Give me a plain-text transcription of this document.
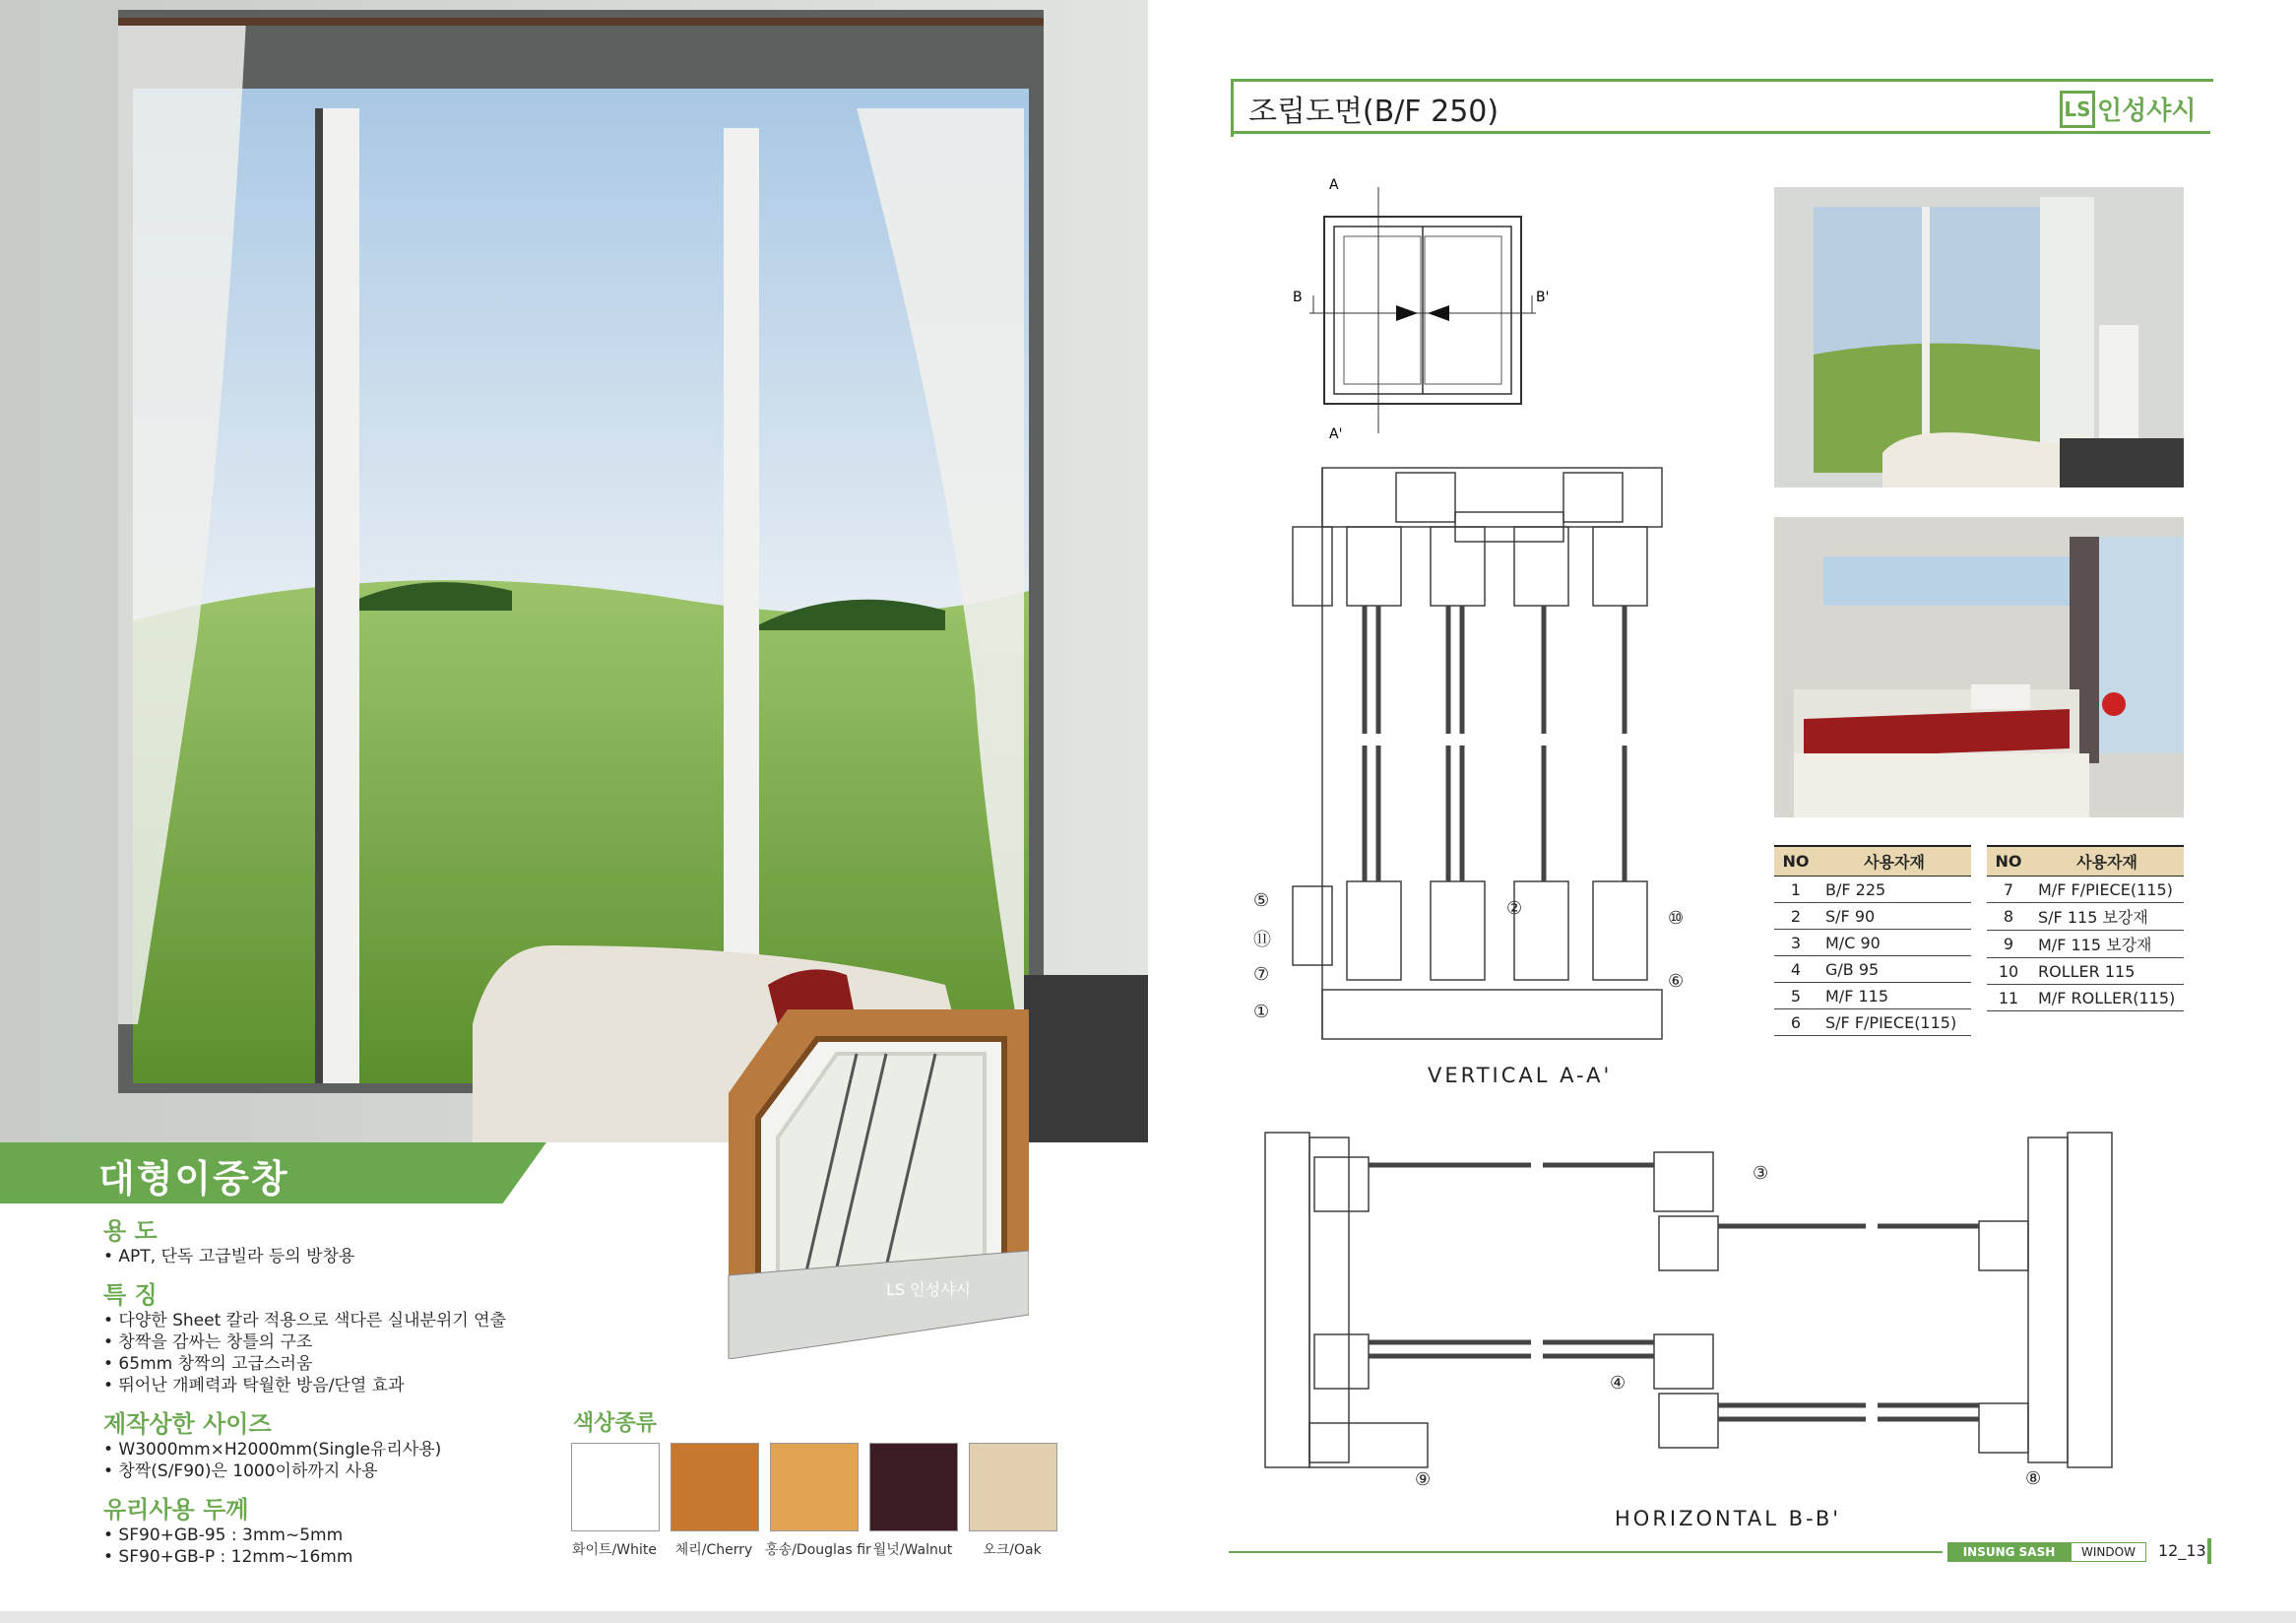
LS 인성샤시
대형이중창
용 도
• APT, 단독 고급빌라 등의 방창용
특 징
• 다양한 Sheet 칼라 적용으로 색다른 실내분위기 연출
• 창짝을 감싸는 창틀의 구조
• 65mm 창짝의 고급스러움
• 뛰어난 개폐력과 탁월한 방음/단열 효과
제작상한 사이즈
• W3000mm×H2000mm(Single유리사용)
• 창짝(S/F90)은 1000이하까지 사용
유리사용 두께
• SF90+GB-95 : 3mm~5mm
• SF90+GB-P : 12mm~16mm
색상종류
화이트/White	체리/Cherry 홍송/Douglas fir 월넛/Walnut	오크/Oak
조립도면(B/F 250)	LS 인성샤시
A
A'
B	B'
⑤
⑪
⑦
①
②	⑩
⑥
VERTICAL A-A'
NO	사용자재
1	B/F 225
2	S/F 90
3	M/C 90
4	G/B 95
5	M/F 115
6	S/F F/PIECE(115)
NO	사용자재
7	M/F F/PIECE(115)
8	S/F 115 보강재
9	M/F 115 보강재
10	ROLLER 115
11	M/F ROLLER(115)
③
④
⑧
⑨
HORIZONTAL B-B'
INSUNG SASH	WINDOW	12_13
